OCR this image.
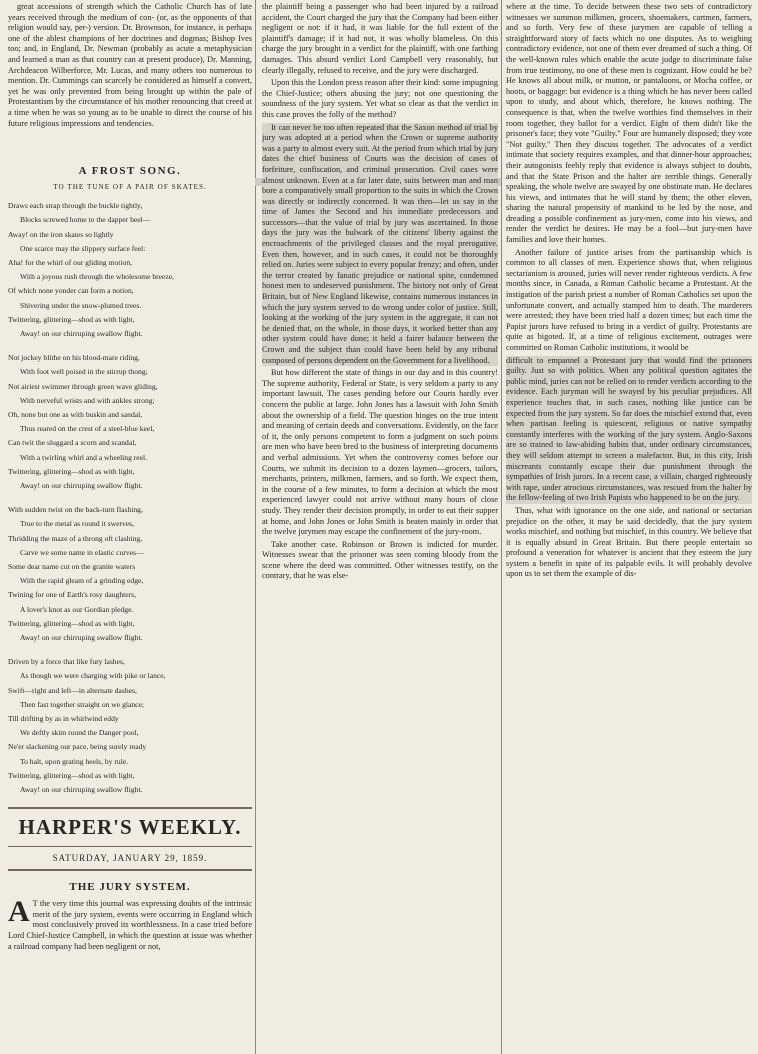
great accessions of strength which the Catholic Church has of late years received through the medium of con- (or, as the opponents of that religion would say, per-) version. Dr. Brownson, for instance, is perhaps one of the ablest champions of her doctrines and dogmas; Bishop Ives too; and, in England, Dr. Newman (probably as acute a metaphysician and learned a man as that country can at present produce), Dr. Manning, Archdeacon Wilberforce, Mr. Lucas, and many others too numerous to mention. Dr. Cummings can scarcely be considered as himself a convert, yet he was only prevented from being brought up within the pale of Protestantism by the circumstance of his mother renouncing that creed at a time when he was so young as to be unable to direct the course of his future religious impressions and tendencies.

A FROST SONG.
TO THE TUNE OF A PAIR OF SKATES.
Draws each strap through the buckle tightly,
Blocks screwed home to the dapper heel—
Away! on the iron skates so lightly
One scarce may the slippery surface feel:
Aha! for the whirl of our gliding motion,
With a joyous rush through the wholesome breeze,
Of which none yonder can form a notion,
Shivering under the snow-plumed trees.
Twittering, glittering—shod as with light,
Away! on our chirruping swallow flight.
Not jockey blithe on his blood-mare riding,
With foot well poised in the stirrup thong;
Not airiest swimmer through green wave gliding,
With nerveful wrists and with ankles strong:
Oh, none but one as with buskin and sandal,
Thus reared on the crest of a steel-blue keel,
Can twit the sluggard a scorn and scandal,
With a twirling whirl and a wheeling reel.
Twittering, glittering—shod as with light,
Away! on our chirruping swallow flight.
With sudden twist on the back-turn flashing,
True to the metal as round it swerves,
Thridding the maze of a throng oft clashing,
Carve we some name in elastic curves—
Some dear name cut on the granite waters
With the rapid gleam of a grinding edge,
Twining for one of Earth's rosy daughters,
A lover's knot as our Gordian pledge.
Twittering, glittering—shod as with light,
Away! on our chirruping swallow flight.
Driven by a force that like fury lashes,
As though we were charging with pike or lance,
Swift—right and left—in alternate dashes,
Then fast together straight on we glance;
Till drifting by as in whirlwind eddy
We deftly skim round the Danger pool,
Ne'er slackening our pace, being surely ready
To halt, upon grating heels, by rule.
Twittering, glittering—shod as with light,
Away! on our chirruping swallow flight.
HARPER'S WEEKLY.
SATURDAY, JANUARY 29, 1859.
THE JURY SYSTEM.

A T the very time this journal was expressing doubts of the intrinsic merit of the jury system, events were occurring in England which most conclusively proved its worthlessness. In a case tried before Lord Chief-Justice Campbell, in which the question at issue was whether a railroad company had been negligent or not,

the plaintiff being a passenger who had been injured by a railroad accident, the Court charged the jury that the Company had been either negligent or not: if it had, it was liable for the full extent of the plaintiff's damage; if it had not, it was wholly blameless. On this charge the jury brought in a verdict for the plaintiff, with one farthing damages. This absurd verdict Lord Campbell very reasonably, but clearly illegally, refused to receive, and the jury were discharged.

Upon this the London press reason after their kind: some impugning the Chief-Justice; others abusing the jury; not one questioning the soundness of the jury system. Yet what so clear as that the verdict in this case proves the folly of the method?

It can never be too often repeated that the Saxon method of trial by jury was adopted at a period when the Crown or supreme authority was a party to almost every suit. At the period from which trial by jury dates the chief business of Courts was the decision of cases of forfeiture, confiscation, and criminal prosecution. Civil cases were almost unknown. Even at a far later date, suits between man and man bore a comparatively small proportion to the suits in which the Crown was directly or indirectly concerned. It was then—let us say in the time of James the Second and his immediate predecessors and successors—that the value of trial by jury was ascertained. In those days the jury was the bulwark of the citizens' liberty against the encroachments of the privileged classes and the royal prerogative. Even then, however, and in such cases, it could not be thoroughly relied on. Juries were subject to every popular frenzy; and often, under the terror created by fanatic prejudice or national spite, condemned honest men to undeserved punishment. The history not only of Great Britain, but of New England likewise, contains numerous instances in which the jury system served to do wrong under color of justice. Still, looking at the working of the jury system in the aggregate, it can not be denied that, on the whole, in those days, it worked better than any other system could have done; it held a fairer balance between the Crown and the subject than could have been held by any tribunal composed of persons dependent on the Government for a livelihood.

But how different the state of things in our day and in this country! The supreme authority, Federal or State, is very seldom a party to any important lawsuit. The cases pending before our Courts hardly ever concern the public at large. John Jones has a lawsuit with John Smith about the ownership of a field. The question hinges on the true intent and meaning of certain deeds and conversations. Evidently, on the face of it, the only persons competent to form a judgment on such points are men who have been bred to the business of interpreting documents and verbal admissions. Yet when the controversy comes before our Courts, we submit its decision to a dozen laymen—grocers, tailors, merchants, printers, milkmen, farmers, and so forth. We expect them, in the course of a few minutes, to form a decision at which the most experienced lawyer could not arrive without many hours of close study. They render their decision promptly, in order to eat their supper at home, and John Jones or John Smith is beaten mainly in order that the twelve jurymen may escape the confinement of the jury-room.

Take another case. Robinson or Brown is indicted for murder. Witnesses swear that the prisoner was seen coming bloody from the scene where the deed was committed. Other witnesses testify, on the contrary, that he was else-

where at the time. To decide between these two sets of contradictory witnesses we summon milkmen, grocers, shoemakers, cartmen, farmers, and so forth. Very few of these jurymen are capable of telling a straightforward story of facts which no one disputes. As to weighing contradictory evidence, not one of them ever dreamed of such a thing. Of the well-known rules which enable the acute judge to discriminate false from true testimony, no one of these men is cognizant. How could he be? He knows all about milk, or mutton, or pantaloons, or Mocha coffee, or hoots, or baggage: but evidence is a thing which he has never been called upon to study, and about which, therefore, he knows nothing. The consequence is that, when the twelve worthies find themselves in their room together, they ballot for a verdict. Eight of them didn't like the prisoner's face; they vote "Guilty." Four are humanely disposed; they vote "Not guilty." Then they discuss together. The advocates of a verdict intimate that society requires examples, and that dinner-hour approaches; their autogonists feebly reply that evidence is always subject to doubts, and that the State Prison and the halter are terrible things. Generally speaking, the whole twelve are swayed by one obstinate man. He declares his views, and intimates that he will stand by them; the other eleven, sharing the natural propensity of mankind to be led by the nose, and dreading a possible confinement as jury-men, come into his views, and render the verdict he desires. He may be a fool—but jury-men have families and love their homes.

Another failure of justice arises from the partisanship which is common to all classes of men. Experience shows that, when religious sectarianism is aroused, juries will never render righteous verdicts. A few months since, in Canada, a Roman Catholic became a Protestant. At the instigation of the parish priest a number of Roman Catholics set upon the unfortunate convert, and actually stamped him to death. The murderers were arrested; they have been tried half a dozen times; but each time the Papist jurors have refused to bring in a verdict of guilty. Protestants are quite as bigoted. If, at a time of religious excitement, outrages were committed on Roman Catholic institutions, it would be

difficult to empannel a Protestant jury that would find the prisoners guilty. Just so with politics. When any political question agitates the public mind, juries can not be relied on to render verdicts according to the evidence. Each juryman will be swayed by his peculiar prejudices. All experience teaches that, in such cases, nothing like justice can be expected from the jury system. So far does the mischief extend that, even when partisan feeling is quiescent, religious or native sympathy constantly interferes with the working of the jury system. Anglo-Saxons are so trained to law-abiding habits that, under ordinary circumstances, they will seldom attempt to screen a malefactor. But, in this city, Irish miscreants constantly escape their due punishment through the sympathies of Irish jurors. In a recent case, a villain, charged righteously with rape, under atrocious circumstances, was rescued from the halter by the fellow-feeling of two Irish Papists who happened to be on the jury.

Thus, what with ignorance on the one side, and national or sectarian prejudice on the other, it may be said decidedly, that the jury system works mischief, and nothing but mischief, in this country. We believe that it is equally absurd in Great Britain. But there people entertain so profound a veneration for whatever is ancient that they esteem the jury system a benefit in spite of its palpable evils. It will probably devolve upon us to set them the example of dis-
